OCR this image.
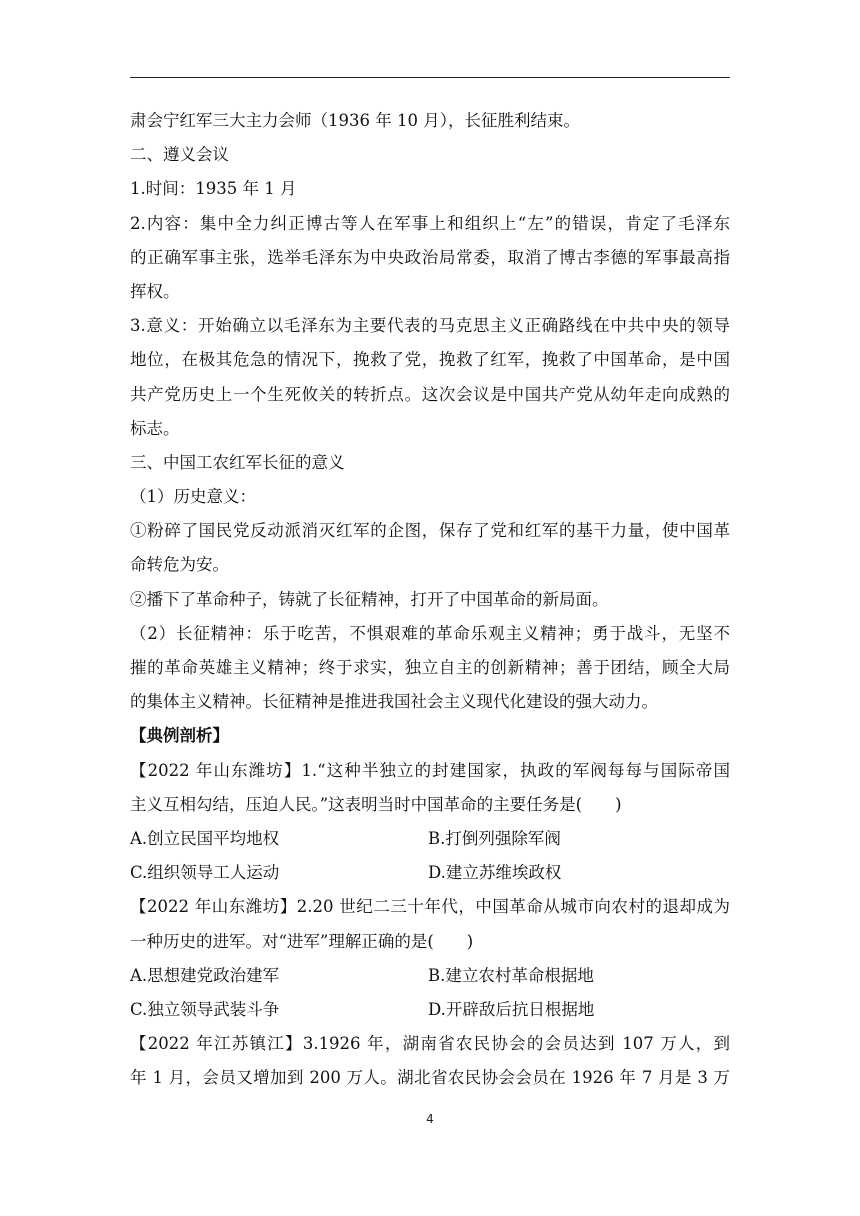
肃会宁红军三大主力会师（1936 年 10 月），长征胜利结束。
二、遵义会议
1.时间：1935 年 1 月
2.内容：集中全力纠正博古等人在军事上和组织上“左”的错误，肯定了毛泽东
的正确军事主张，选举毛泽东为中央政治局常委，取消了博古李德的军事最高指
挥权。
3.意义：开始确立以毛泽东为主要代表的马克思主义正确路线在中共中央的领导
地位，在极其危急的情况下，挽救了党，挽救了红军，挽救了中国革命，是中国
共产党历史上一个生死攸关的转折点。这次会议是中国共产党从幼年走向成熟的
标志。
三、中国工农红军长征的意义
（1）历史意义：
①粉碎了国民党反动派消灭红军的企图，保存了党和红军的基干力量，使中国革
命转危为安。
②播下了革命种子，铸就了长征精神，打开了中国革命的新局面。
（2）长征精神：乐于吃苦，不惧艰难的革命乐观主义精神；勇于战斗，无坚不
摧的革命英雄主义精神；终于求实，独立自主的创新精神；善于团结，顾全大局
的集体主义精神。长征精神是推进我国社会主义现代化建设的强大动力。
【典例剖析】
【2022 年山东潍坊】1.“这种半独立的封建国家，执政的军阀每每与国际帝国
主义互相勾结，压迫人民。”这表明当时中国革命的主要任务是(　　)
A.创立民国平均地权	B.打倒列强除军阀
C.组织领导工人运动	D.建立苏维埃政权
【2022 年山东潍坊】2.20 世纪二三十年代，中国革命从城市向农村的退却成为
一种历史的进军。对“进军”理解正确的是(　　)
A.思想建党政治建军	B.建立农村革命根据地
C.独立领导武装斗争	D.开辟敌后抗日根据地
【2022 年江苏镇江】3.1926 年，湖南省农民协会的会员达到 107 万人，到
年 1 月，会员又增加到 200 万人。湖北省农民协会会员在 1926 年 7 月是 3 万
4
